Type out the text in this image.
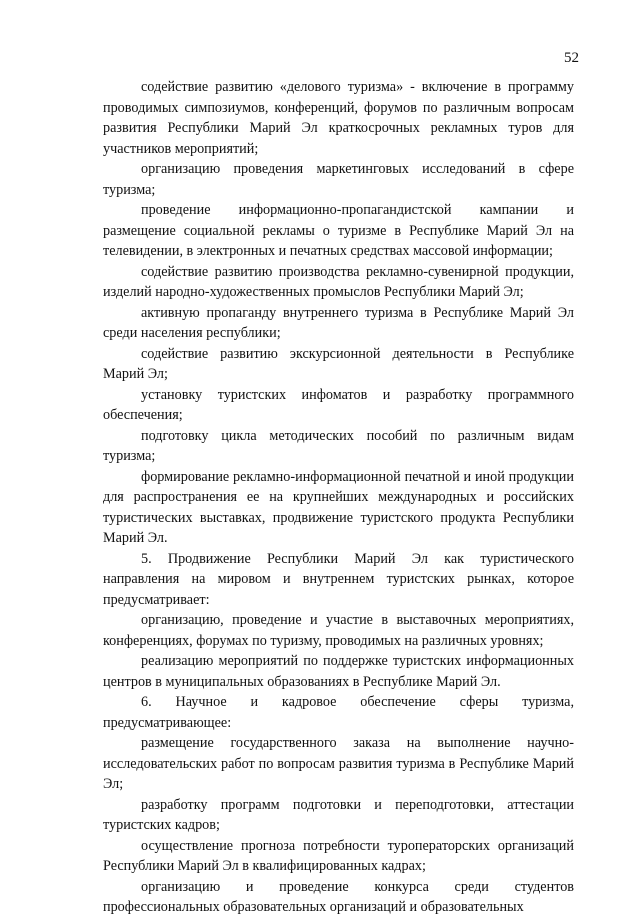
52

содействие развитию «делового туризма» - включение в программу проводимых симпозиумов, конференций, форумов по различным вопросам развития Республики Марий Эл краткосрочных рекламных туров для участников мероприятий;

организацию проведения маркетинговых исследований в сфере туризма;

проведение информационно-пропагандистской кампании и размещение социальной рекламы о туризме в Республике Марий Эл на телевидении, в электронных и печатных средствах массовой информации;

содействие развитию производства рекламно-сувенирной продукции, изделий народно-художественных промыслов Республики Марий Эл;

активную пропаганду внутреннего туризма в Республике Марий Эл среди населения республики;

содействие развитию экскурсионной деятельности в Республике Марий Эл;

установку туристских инфоматов и разработку программного обеспечения;

подготовку цикла методических пособий по различным видам туризма;

формирование рекламно-информационной печатной и иной продукции для распространения ее на крупнейших международных и российских туристических выставках, продвижение туристского продукта Республики Марий Эл.

5. Продвижение Республики Марий Эл как туристического направления на мировом и внутреннем туристских рынках, которое предусматривает:

организацию, проведение и участие в выставочных мероприятиях, конференциях, форумах по туризму, проводимых на различных уровнях;

реализацию мероприятий по поддержке туристских информационных центров в муниципальных образованиях в Республике Марий Эл.

6. Научное и кадровое обеспечение сферы туризма, предусматривающее:

размещение государственного заказа на выполнение научно-исследовательских работ по вопросам развития туризма в Республике Марий Эл;

разработку программ подготовки и переподготовки, аттестации туристских кадров;

осуществление прогноза потребности туроператорских организаций Республики Марий Эл в квалифицированных кадрах;

организацию и проведение конкурса среди студентов профессиональных образовательных организаций и образовательных
